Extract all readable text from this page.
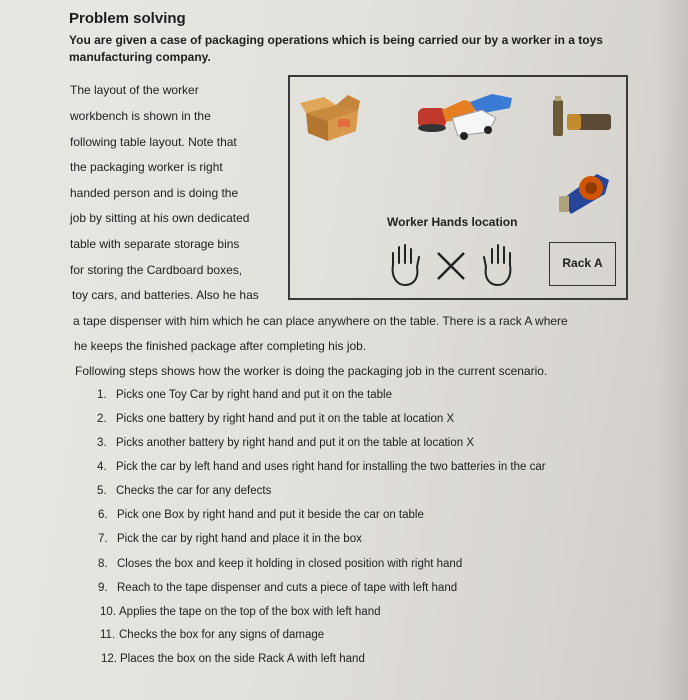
Problem solving
You are given a case of packaging operations which is being carried our by a worker in a toys manufacturing company.
The layout of the worker
workbench is shown in the
following table layout. Note that
the packaging worker is right
handed person and is doing the
job by sitting at his own dedicated
table with separate storage bins
for storing the Cardboard boxes,
toy cars, and batteries. Also he has
a tape dispenser with him which he can place anywhere on the table. There is a rack A where
he keeps the finished package after completing his job.
Following steps shows how the worker is doing the packaging job in the current scenario.
Worker Hands location
Rack A
1. Picks one Toy Car by right hand and put it on the table
2. Picks one battery by right hand and put it on the table at location X
3. Picks another battery by right hand and put it on the table at location X
4. Pick the car by left hand and uses right hand for installing the two batteries in the car
5. Checks the car for any defects
6. Pick one Box by right hand and put it beside the car on table
7. Pick the car by right hand and place it in the box
8. Closes the box and keep it holding in closed position with right hand
9. Reach to the tape dispenser and cuts a piece of tape with left hand
10. Applies the tape on the top of the box with left hand
11. Checks the box for any signs of damage
12. Places the box on the side Rack A with left hand
